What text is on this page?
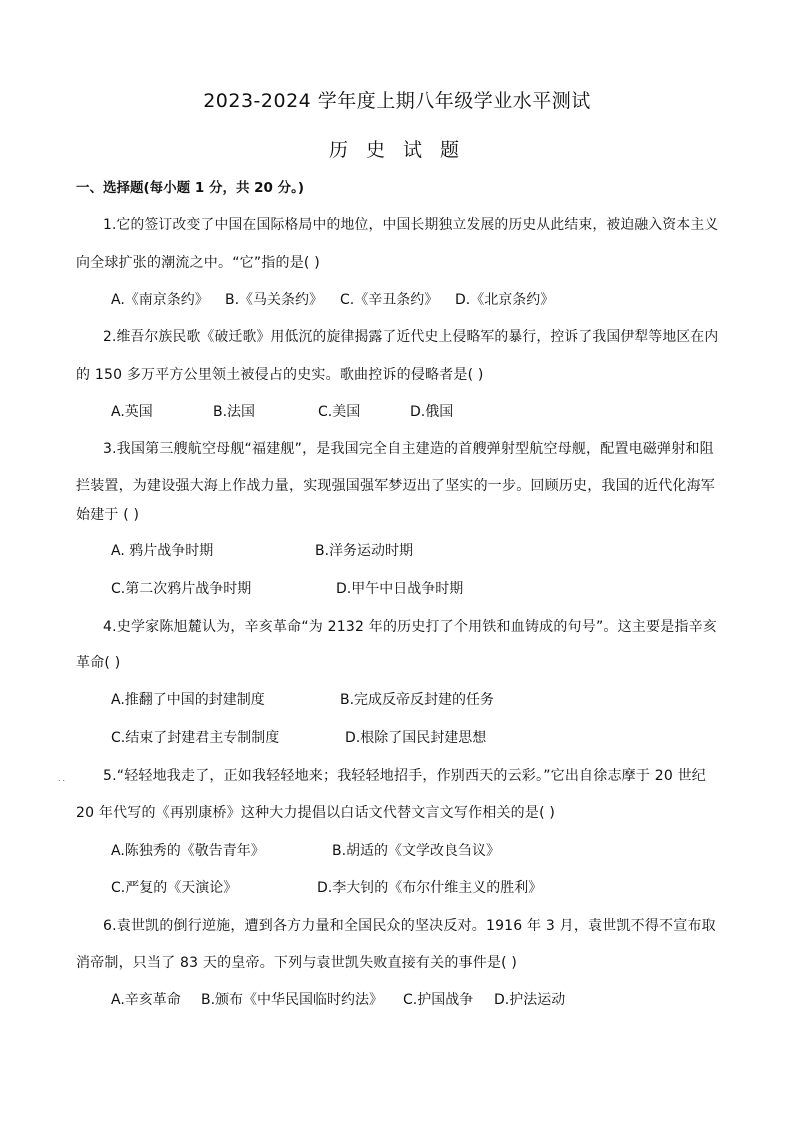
2023-2024 学年度上期八年级学业水平测试
历 史 试 题
一、选择题(每小题 1 分，共 20 分。)
1.它的签订改变了中国在国际格局中的地位，中国长期独立发展的历史从此结束，被迫融入资本主义
向全球扩张的潮流之中。“它”指的是( )
A.《南京条约》 B.《马关条约》 C.《辛丑条约》 D.《北京条约》
2.维吾尔族民歌《破迁歌》用低沉的旋律揭露了近代史上侵略军的暴行，控诉了我国伊犁等地区在内
的 150 多万平方公里领土被侵占的史实。歌曲控诉的侵略者是( )
A.英国	B.法国	C.美国	D.俄国
3.我国第三艘航空母舰“福建舰”，是我国完全自主建造的首艘弹射型航空母舰，配置电磁弹射和阻
拦装置，为建设强大海上作战力量，实现强国强军梦迈出了坚实的一步。回顾历史，我国的近代化海军
始建于 ( )
A. 鸦片战争时期	B.洋务运动时期
C.第二次鸦片战争时期	D.甲午中日战争时期
4.史学家陈旭麓认为，辛亥革命“为 2132 年的历史打了个用铁和血铸成的句号”。这主要是指辛亥
革命( )
A.推翻了中国的封建制度	B.完成反帝反封建的任务
C.结束了封建君主专制制度	D.根除了国民封建思想
˙˙
5.“轻轻地我走了，正如我轻轻地来；我轻轻地招手，作别西天的云彩。”它出自徐志摩于 20 世纪
20 年代写的《再别康桥》这种大力提倡以白话文代替文言文写作相关的是( )
A.陈独秀的《敬告青年》	B.胡适的《文学改良刍议》
C.严复的《天演论》	D.李大钊的《布尔什维主义的胜利》
6.袁世凯的倒行逆施，遭到各方力量和全国民众的坚决反对。1916 年 3 月，袁世凯不得不宣布取
消帝制，只当了 83 天的皇帝。下列与袁世凯失败直接有关的事件是( )
A.辛亥革命 B.颁布《中华民国临时约法》 C.护国战争 D.护法运动
